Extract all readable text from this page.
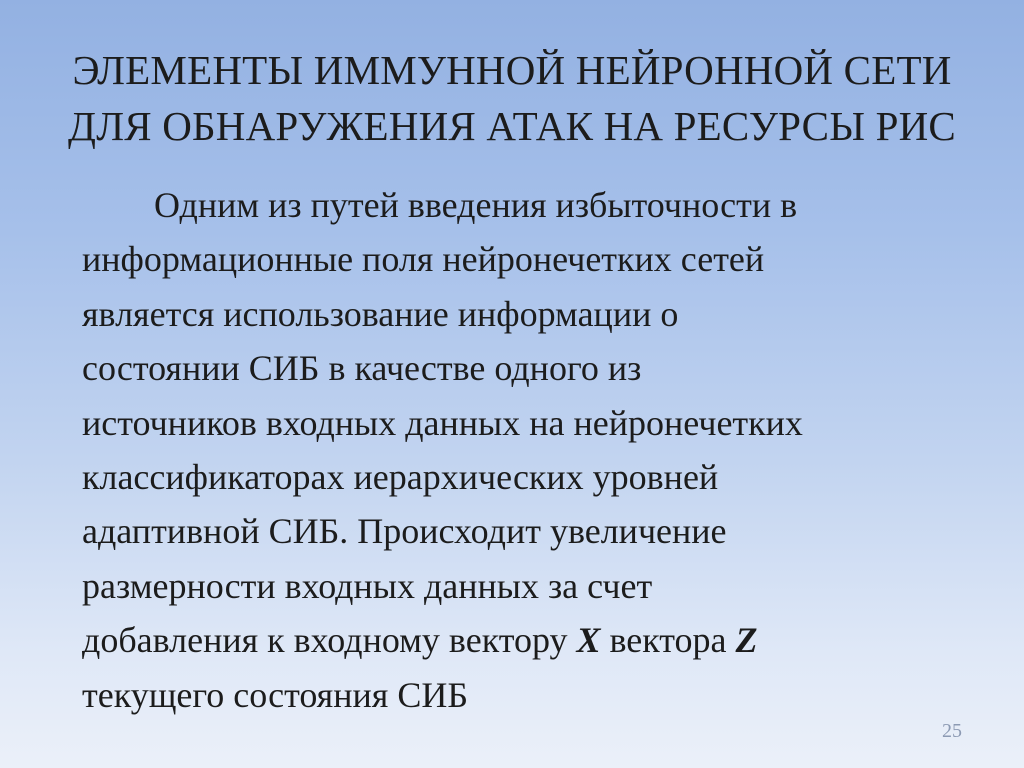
ЭЛЕМЕНТЫ ИММУННОЙ НЕЙРОННОЙ СЕТИ
ДЛЯ ОБНАРУЖЕНИЯ АТАК НА РЕСУРСЫ РИС
Одним из путей введения избыточности в
информационные поля нейронечетких сетей
является использование информации о
состоянии СИБ в качестве одного из
источников входных данных на нейронечетких
классификаторах иерархических уровней
адаптивной СИБ. Происходит увеличение
размерности входных данных за счет
добавления к входному вектору X вектора Z
текущего состояния СИБ
25
